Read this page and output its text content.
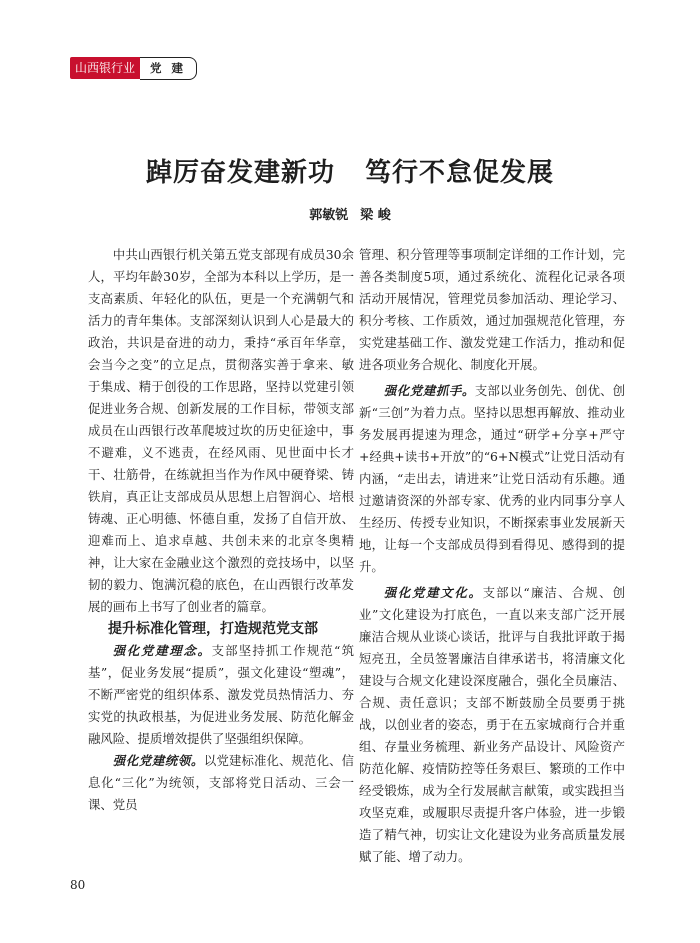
山西银行业	党 建
踔厉奋发建新功 笃行不怠促发展
郭敏锐 梁 峻

中共山西银行机关第五党支部现有成员30余人，平均年龄30岁，全部为本科以上学历，是一支高素质、年轻化的队伍，更是一个充满朝气和活力的青年集体。支部深刻认识到人心是最大的政治，共识是奋进的动力，秉持“承百年华章，会当今之变”的立足点，贯彻落实善于拿来、敏于集成、精于创役的工作思路，坚持以党建引领促进业务合规、创新发展的工作目标，带领支部成员在山西银行改革爬坡过坎的历史征途中，事不避难，义不逃责，在经风雨、见世面中长才干、壮筋骨，在练就担当作为作风中硬脊梁、铸铁肩，真正让支部成员从思想上启智润心、培根铸魂、正心明德、怀德自重，发扬了自信开放、迎难而上、追求卓越、共创未来的北京冬奥精神，让大家在金融业这个激烈的竞技场中，以坚韧的毅力、饱满沉稳的底色，在山西银行改革发展的画布上书写了创业者的篇章。

提升标准化管理，打造规范党支部

强化党建理念。支部坚持抓工作规范“筑基”，促业务发展“提质”，强文化建设“塑魂”，不断严密党的组织体系、激发党员热情活力、夯实党的执政根基，为促进业务发展、防范化解金融风险、提质增效提供了坚强组织保障。

强化党建统领。以党建标准化、规范化、信息化“三化”为统领，支部将党日活动、三会一课、党员

管理、积分管理等事项制定详细的工作计划，完善各类制度5项，通过系统化、流程化记录各项活动开展情况，管理党员参加活动、理论学习、积分考核、工作质效，通过加强规范化管理，夯实党建基础工作、激发党建工作活力，推动和促进各项业务合规化、制度化开展。

强化党建抓手。支部以业务创先、创优、创新“三创”为着力点。坚持以思想再解放、推动业务发展再提速为理念，通过“研学+分享+严守+经典+读书+开放”的“6+N模式”让党日活动有内涵，“走出去，请进来”让党日活动有乐趣。通过邀请资深的外部专家、优秀的业内同事分享人生经历、传授专业知识，不断探索事业发展新天地，让每一个支部成员得到看得见、感得到的提升。

强化党建文化。支部以“廉洁、合规、创业”文化建设为打底色，一直以来支部广泛开展廉洁合规从业谈心谈话，批评与自我批评敢于揭短亮丑，全员签署廉洁自律承诺书，将清廉文化建设与合规文化建设深度融合，强化全员廉洁、合规、责任意识；支部不断鼓励全员要勇于挑战，以创业者的姿态，勇于在五家城商行合并重组、存量业务梳理、新业务产品设计、风险资产防范化解、疫情防控等任务艰巨、繁琐的工作中经受锻炼，成为全行发展献言献策，或实践担当攻坚克难，或履职尽责提升客户体验，进一步锻造了精气神，切实让文化建设为业务高质量发展赋了能、增了动力。

80
